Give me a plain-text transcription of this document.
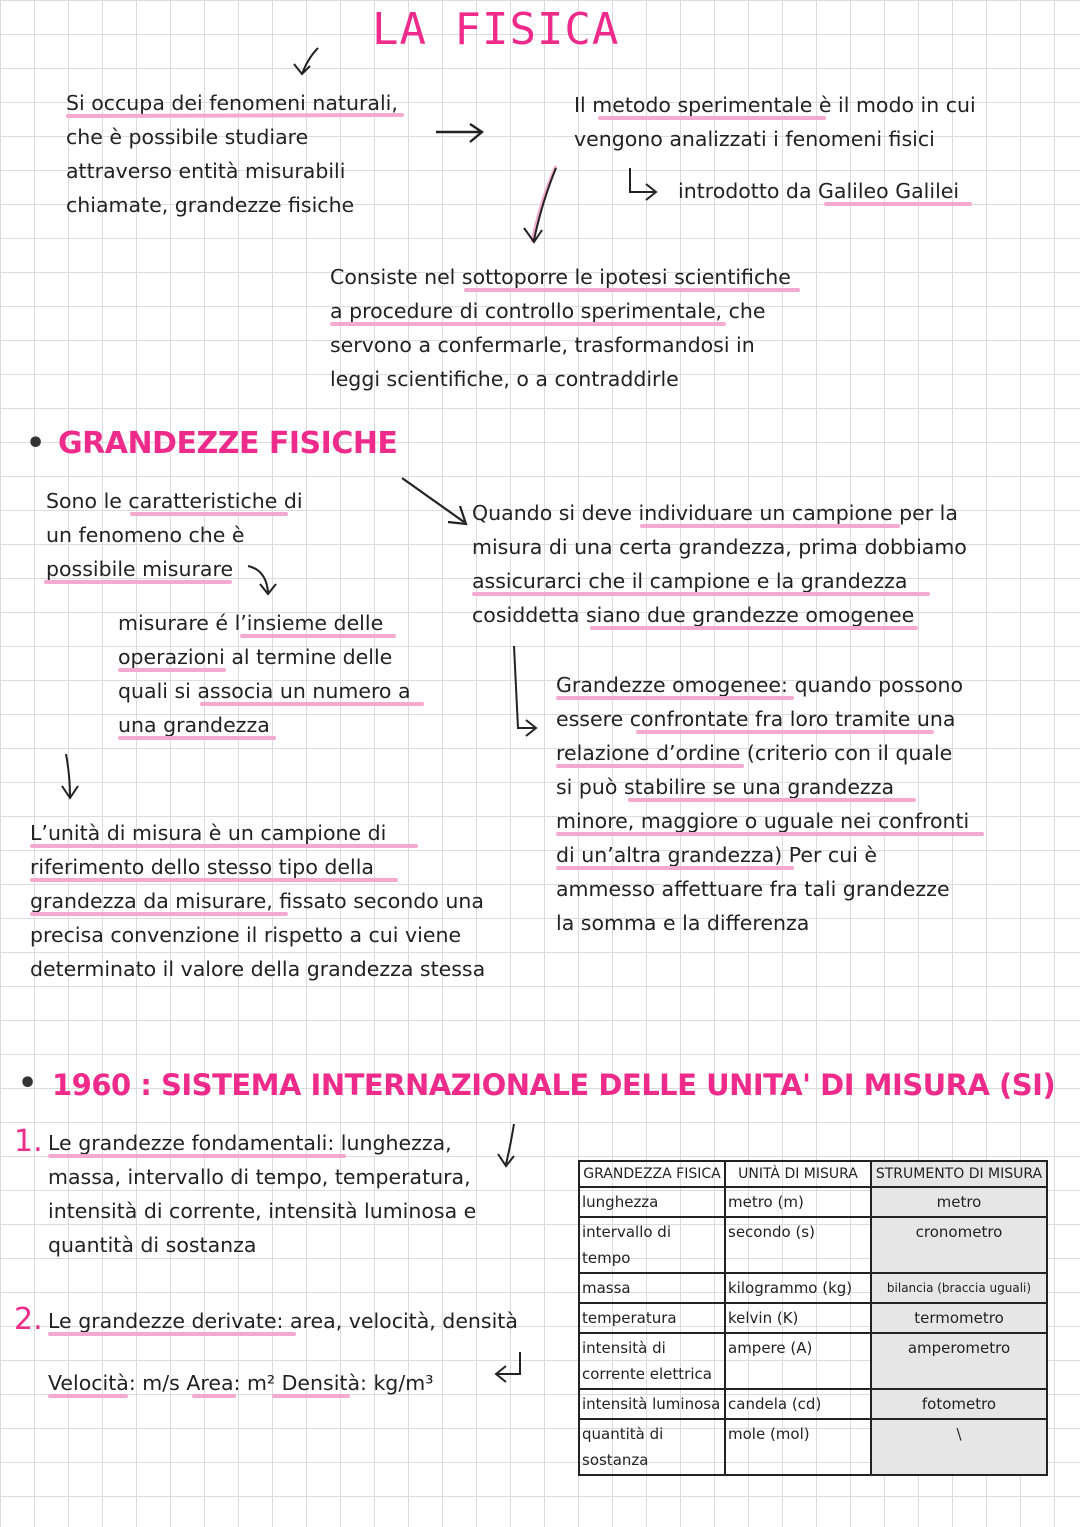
LA FISICA
Si occupa dei fenomeni naturali,
che è possibile studiare
attraverso entità misurabili
chiamate, grandezze fisiche
Il metodo sperimentale è il modo in cui
vengono analizzati i fenomeni fisici
introdotto da Galileo Galilei
Consiste nel sottoporre le ipotesi scientifiche
a procedure di controllo sperimentale, che
servono a confermarle, trasformandosi in
leggi scientifiche, o a contraddirle
• GRANDEZZE FISICHE
Sono le caratteristiche di
un fenomeno che è
possibile misurare
misurare é l’insieme delle
operazioni al termine delle
quali si associa un numero a
una grandezza
L’unità di misura è un campione di
riferimento dello stesso tipo della
grandezza da misurare, fissato secondo una
precisa convenzione il rispetto a cui viene
determinato il valore della grandezza stessa
Quando si deve individuare un campione per la
misura di una certa grandezza, prima dobbiamo
assicurarci che il campione e la grandezza
cosiddetta siano due grandezze omogenee
Grandezze omogenee: quando possono
essere confrontate fra loro tramite una
relazione d’ordine (criterio con il quale
si può stabilire se una grandezza
minore, maggiore o uguale nei confronti
di un’altra grandezza) Per cui è
ammesso affettuare fra tali grandezze
la somma e la differenza
• 1960 : SISTEMA INTERNAZIONALE DELLE UNITA' DI MISURA (SI)
1. Le grandezze fondamentali: lunghezza,
massa, intervallo di tempo, temperatura,
intensità di corrente, intensità luminosa e
quantità di sostanza
2. Le grandezze derivate: area, velocità, densità
Velocità: m/s Area: m² Densità: kg/m³
GRANDEZZA FISICA	UNITÀ DI MISURA	STRUMENTO DI MISURA
lunghezza	metro (m)	metro
intervallo di tempo	secondo (s)	cronometro
massa	kilogrammo (kg)	bilancia (braccia uguali)
temperatura	kelvin (K)	termometro
intensità di corrente elettrica	ampere (A)	amperometro
intensità luminosa	candela (cd)	fotometro
quantità di sostanza	mole (mol)	\
